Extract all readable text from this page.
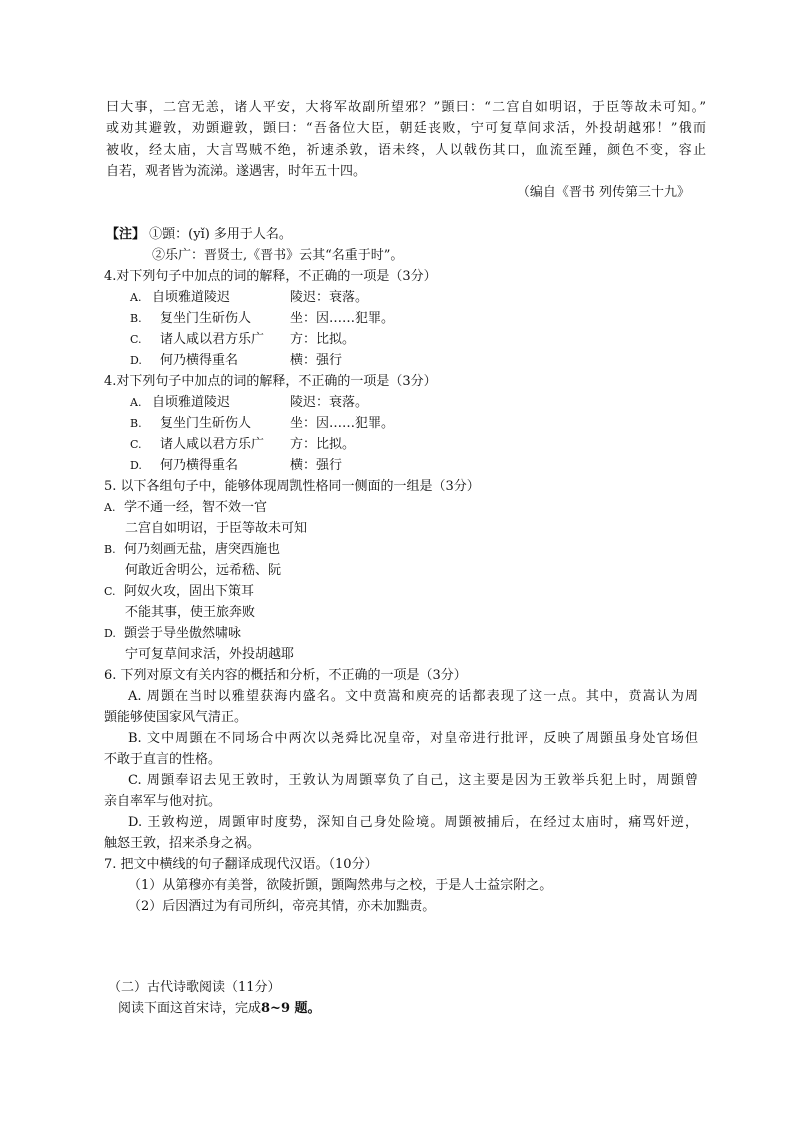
曰大事，二宫无恙，诸人平安，大将军故副所望邪？”顗曰：“二宫自如明诏，于臣等故未可知。”
或劝其避敦，劝顗避敦，顗曰：“吾备位大臣，朝廷丧败，宁可复草间求活，外投胡越邪！”俄而
被收，经太庙，大言骂贼不绝，祈速杀敦，语未终，人以戟伤其口，血流至踵，颜色不变，容止
自若，观者皆为流涕。遂遇害，时年五十四。
（编自《晋书 列传第三十九》
【注】 ①顗：(yǐ) 多用于人名。
②乐广：晋贤士,《晋书》云其“名重于时”。
4.对下列句子中加点的词的解释，不正确的一项是（3分）
A. 自顷雅道陵迟	陵迟：衰落。
B. 复坐门生斫伤人	坐：因……犯罪。
C. 诸人咸以君方乐广 方：比拟。
D. 何乃横得重名	横：强行
4.对下列句子中加点的词的解释，不正确的一项是（3分）
A. 自顷雅道陵迟	陵迟：衰落。
B. 复坐门生斫伤人	坐：因……犯罪。
C. 诸人咸以君方乐广 方：比拟。
D. 何乃横得重名	横：强行
5. 以下各组句子中，能够体现周凯性格同一侧面的一组是（3分）
A. 学不通一经，智不效一官
二宫自如明诏，于臣等故未可知
B. 何乃刻画无盐，唐突西施也
何敢近舍明公，远希嵇、阮
C. 阿奴火攻，固出下策耳
不能其事，使王旅奔败
D. 顗尝于导坐傲然啸咏
宁可复草间求活，外投胡越耶
6. 下列对原文有关内容的概括和分析，不正确的一项是（3分）
A. 周顗在当时以雅望获海内盛名。文中贲嵩和庾亮的话都表现了这一点。其中，贲嵩认为周
顗能够使国家风气清正。
B. 文中周顗在不同场合中两次以尧舜比况皇帝，对皇帝进行批评，反映了周顗虽身处官场但
不敢于直言的性格。
C. 周顗奉诏去见王敦时，王敦认为周顗辜负了自己，这主要是因为王敦举兵犯上时，周顗曾
亲自率军与他对抗。
D. 王敦构逆，周顗审时度势，深知自己身处险境。周顗被捕后，在经过太庙时，痛骂奸逆，
触怒王敦，招来杀身之祸。
7. 把文中横线的句子翻译成现代汉语。（10分）
（1）从第穆亦有美誉，欲陵折顗，顗陶然弗与之校，于是人士益宗附之。
（2）后因酒过为有司所纠，帝亮其情，亦未加黜责。
（二）古代诗歌阅读（11分）
阅读下面这首宋诗，完成8~9 题。
